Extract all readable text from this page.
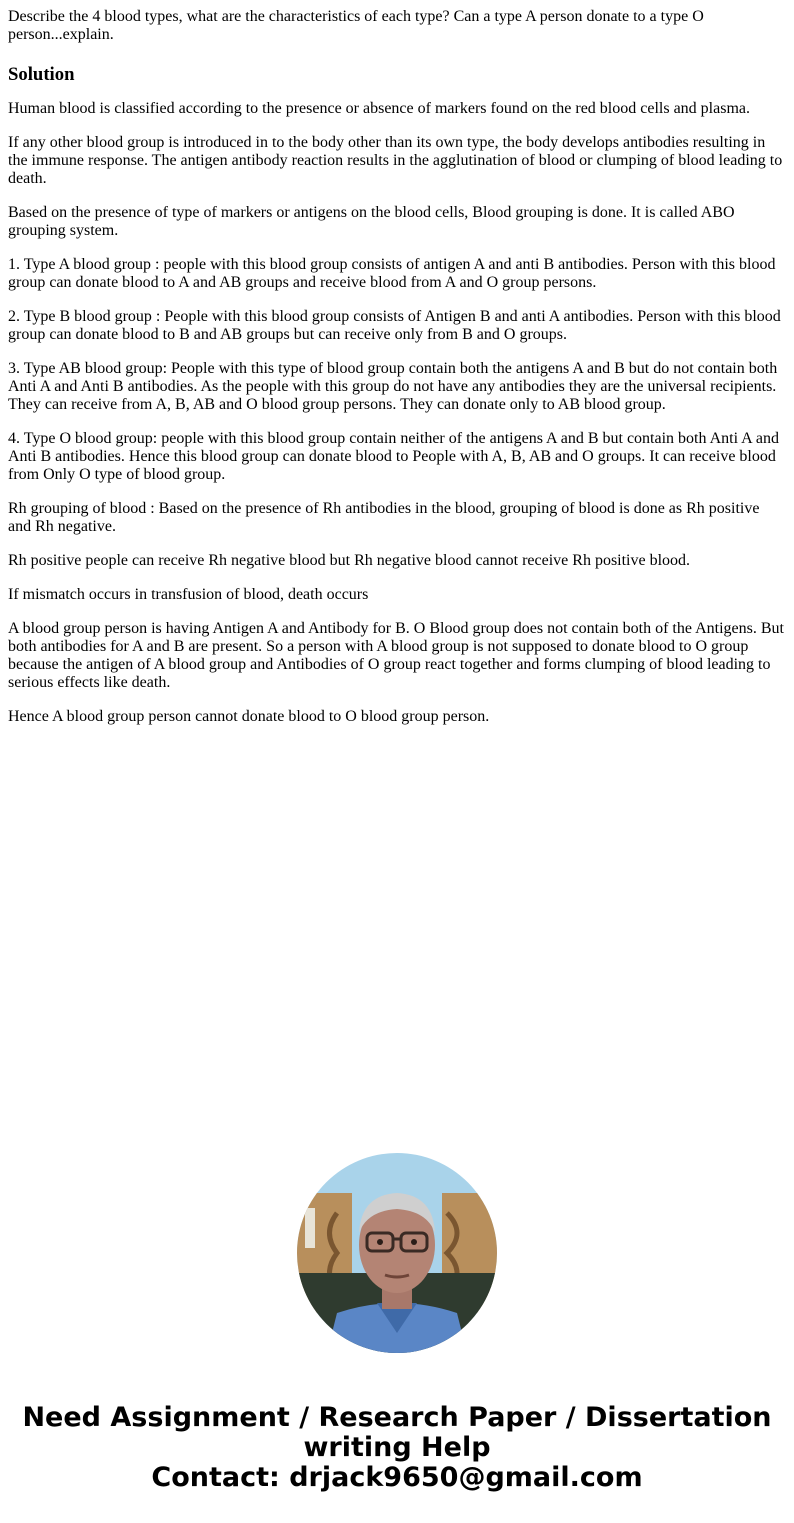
Describe the 4 blood types, what are the characteristics of each type? Can a type A person donate to a type O person...explain.

Solution

Human blood is classified according to the presence or absence of markers found on the red blood cells and plasma.

If any other blood group is introduced in to the body other than its own type, the body develops antibodies resulting in the immune response. The antigen antibody reaction results in the agglutination of blood or clumping of blood leading to death.

Based on the presence of type of markers or antigens on the blood cells, Blood grouping is done. It is called ABO grouping system.

1. Type A blood group : people with this blood group consists of antigen A and anti B antibodies. Person with this blood group can donate blood to A and AB groups and receive blood from A and O group persons.

2. Type B blood group : People with this blood group consists of Antigen B and anti A antibodies. Person with this blood group can donate blood to B and AB groups but can receive only from B and O groups.

3. Type AB blood group: People with this type of blood group contain both the antigens A and B but do not contain both Anti A and Anti B antibodies. As the people with this group do not have any antibodies they are the universal recipients. They can receive from A, B, AB and O blood group persons. They can donate only to AB blood group.

4. Type O blood group: people with this blood group contain neither of the antigens A and B but contain both Anti A and Anti B antibodies. Hence this blood group can donate blood to People with A, B, AB and O groups. It can receive blood from Only O type of blood group.

Rh grouping of blood : Based on the presence of Rh antibodies in the blood, grouping of blood is done as Rh positive and Rh negative.

Rh positive people can receive Rh negative blood but Rh negative blood cannot receive Rh positive blood.

If mismatch occurs in transfusion of blood, death occurs

A blood group person is having Antigen A and Antibody for B. O Blood group does not contain both of the Antigens. But both antibodies for A and B are present. So a person with A blood group is not supposed to donate blood to O group because the antigen of A blood group and Antibodies of O group react together and forms clumping of blood leading to serious effects like death.

Hence A blood group person cannot donate blood to O blood group person.

Need Assignment / Research Paper / Dissertation
writing Help
Contact: drjack9650@gmail.com
